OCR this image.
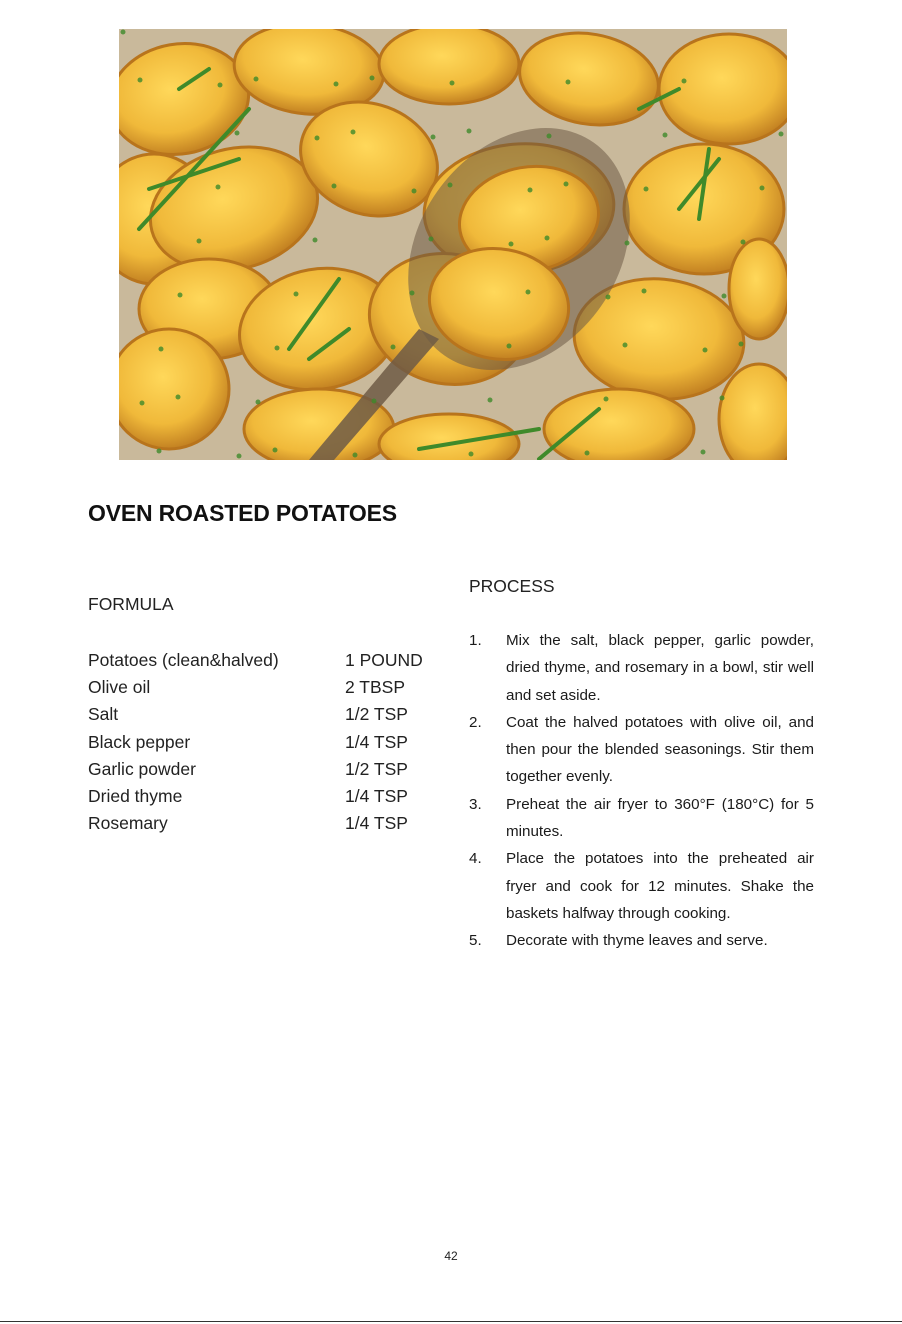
OVEN ROASTED POTATOES
FORMULA
Potatoes (clean&halved)	1 POUND
Olive oil	2 TBSP
Salt	1/2 TSP
Black pepper	1/4 TSP
Garlic powder	1/2 TSP
Dried thyme	1/4 TSP
Rosemary	1/4 TSP
PROCESS
1.	Mix the salt, black pepper, garlic powder, dried thyme, and rosemary in a bowl, stir well and set aside.
2.	Coat the halved potatoes with olive oil, and then pour the blended seasonings. Stir them together evenly.
3.	Preheat the air fryer to 360°F (180°C) for 5 minutes.
4.	Place the potatoes into the preheated air fryer and cook for 12 minutes. Shake the baskets halfway through cooking.
5.	Decorate with thyme leaves and serve.
42
